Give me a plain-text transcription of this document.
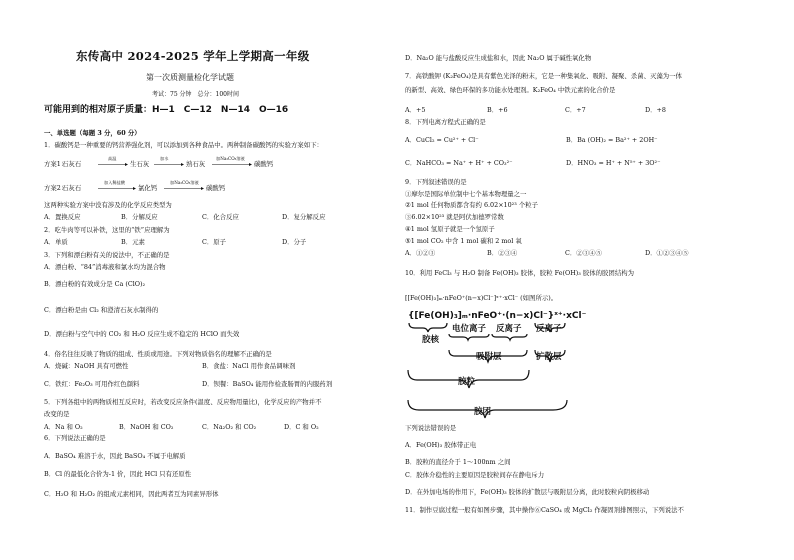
东传高中 2024-2025 学年上学期高一年级
第一次质测量检化学试题
考试：75 分钟　总分：100时间
可能用到的相对原子质量：H—1　C—12　N—14　O—16
一、单选题（每题 3 分，60 分）
1．碳酸钙是一种重要的钙营养强化剂，可以添加到各种食品中。两种制备碳酸钙的实验方案如下：
方案1：
石灰石
高温
生石灰
加水
熟石灰
加Na₂CO₃溶液
碳酸钙
方案2：
石灰石
加入稀盐酸
氯化钙
加Na₂CO₃溶液
碳酸钙
这两种实验方案中没有涉及的化学反应类型为
A．置换反应	B．分解反应	C．化合反应	D．复分解反应
2．吃牛肉等可以补铁，这里的“铁”应理解为
A．单质	B．元素	C．原子	D．分子
3．下列和漂白粉有关的说法中，不正确的是
A．漂白粉、“84”消毒液和氯水均为混合物
B．漂白粉的有效成分是 Ca (ClO)₂
C．漂白粉是由 Cl₂ 和澄清石灰水制得的
D．漂白粉与空气中的 CO₂ 和 H₂O 反应生成不稳定的 HClO 而失效
4．俗名往往反映了物质的组成、性质或用途。下列对物质俗名的理解不正确的是
A．烧碱：NaOH 具有可燃性	B．食盐：NaCl 用作食品调味剂
C．铁红：Fe₂O₃ 可用作红色颜料	D．钡餐：BaSO₄ 能用作检查肠胃的内服药剂
5．下列各组中的两物质相互反应时，若改变反应条件(温度、反应物用量比)，化学反应的产物并不
改变的是
A．Na 和 O₂	B．NaOH 和 CO₂	C．Na₂O₂ 和 CO₂	D．C 和 O₂
6．下列说法正确的是
A．BaSO₄ 难溶于水，因此 BaSO₄ 不属于电解质
B．Cl 的最低化合价为-1 价，因此 HCl 只有还原性
C．H₂O 和 H₂O₂ 的组成元素相同，因此两者互为同素异形体
D．Na₂O 能与盐酸反应生成盐和水，因此 Na₂O 属于碱性氧化物
7．高铁酸钾 (K₂FeO₄)是具有紫色光泽的粉末，它是一种集氧化、吸附、凝聚、杀菌、灭藻为一体
的新型、高效、绿色环保的多功能水处理剂。K₂FeO₄ 中铁元素的化合价是
A．+5	B．+6	C．+7	D．+8
8．下列电离方程式正确的是
A．CuCl₂ = Cu²⁺ + Cl⁻	B．Ba (OH)₂ = Ba²⁺ + 2OH⁻
C．NaHCO₃ = Na⁺ + H⁺ + CO₃²⁻	D．HNO₃ = H⁺ + N⁵⁺ + 3O²⁻
9．下列叙述错误的是
①摩尔是国际单位制中七个基本物理量之一
②1 mol 任何物质都含有约 6.02×10²³ 个粒子
③6.02×10²³ 就是阿伏加德罗常数
④1 mol 氢原子就是一个氢原子
⑤1 mol CO₂ 中含 1 mol 碳和 2 mol 氧
A．①②③	B．②③④	C．②③④⑤	D．①②③④⑤
10．利用 FeCl₃ 与 H₂O 制备 Fe(OH)₃ 胶体，胶粒 Fe(OH)₃ 胶体的胶团结构为
[[Fe(OH)₃]ₘ·nFeO⁺(n−x)Cl⁻]ˣ⁺·xCl⁻ (如图所示)。
{[Fe(OH)₃]ₘ·nFeO⁺·(n−x)Cl⁻}ˣ⁺·xCl⁻
胶核
电位离子 反离子 反离子
吸附层	扩散层
胶粒
胶团
下列说法错误的是
A．Fe(OH)₃ 胶体带正电
B．胶粒的直径介于 1～100nm 之间
C．胶体介稳性的主要原因是胶粒间存在静电斥力
D．在外加电场的作用下，Fe(OH)₃ 胶体的扩散层与吸附层分离，此时胶粒向阴极移动
11．制作豆腐过程一般有如图步骤，其中操作⑥CaSO₄ 或 MgCl₂ 作凝固剂排图照示，下列说法不
